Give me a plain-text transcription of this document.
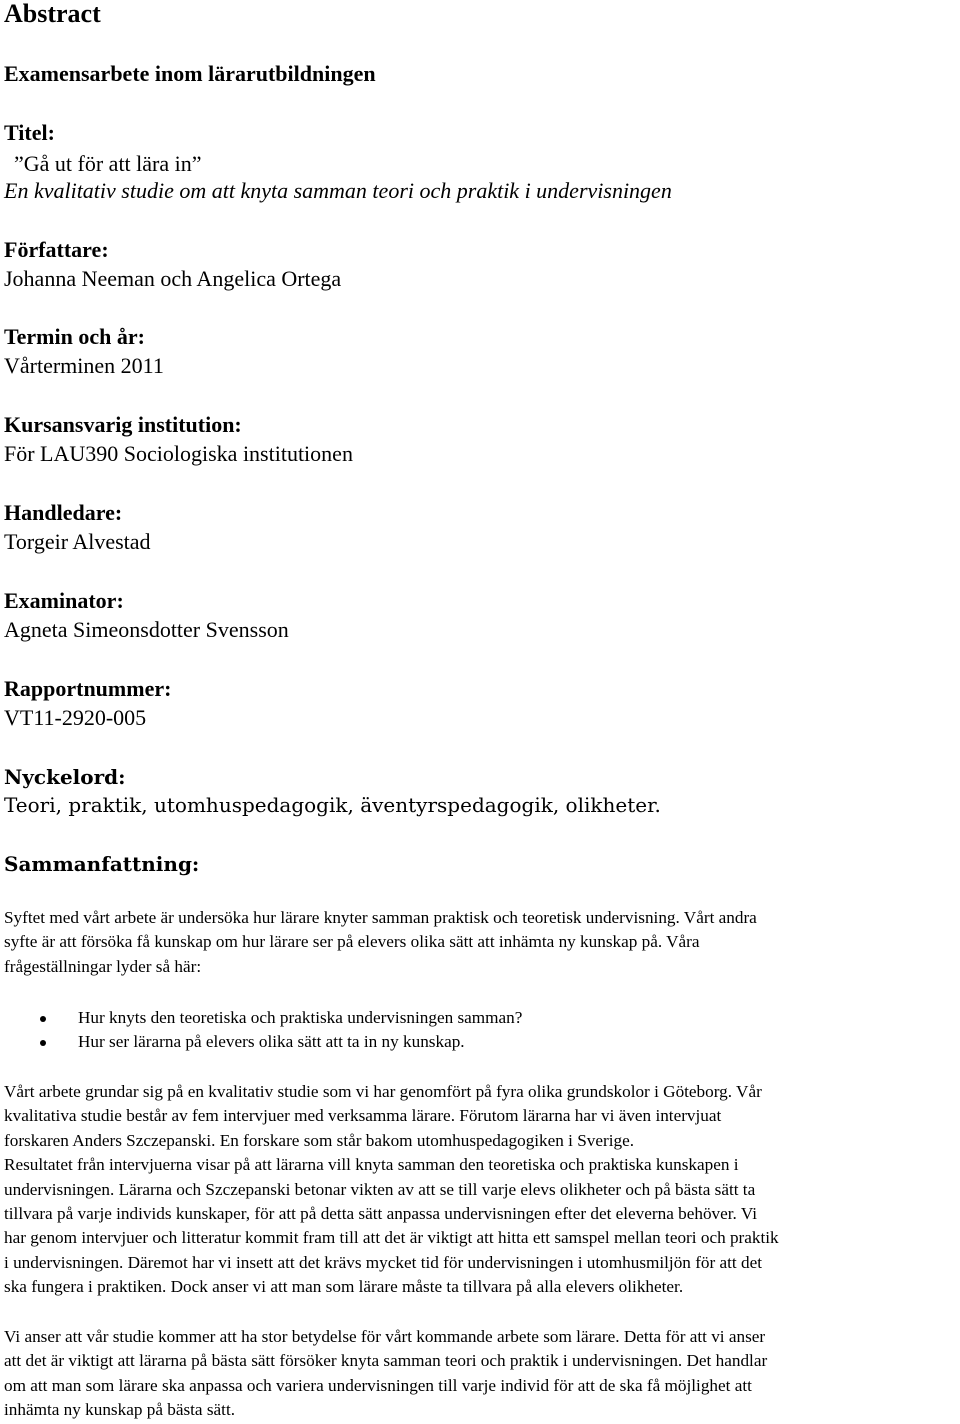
Abstract
Examensarbete inom lärarutbildningen

Titel:

”Gå ut för att lära in”

En kvalitativ studie om att knyta samman teori och praktik i undervisningen

Författare:

Johanna Neeman och Angelica Ortega

Termin och år:

Vårterminen 2011

Kursansvarig institution:

För LAU390 Sociologiska institutionen

Handledare:

Torgeir Alvestad

Examinator:

Agneta Simeonsdotter Svensson

Rapportnummer:

VT11-2920-005

Nyckelord:

Teori, praktik, utomhuspedagogik, äventyrspedagogik, olikheter.

Sammanfattning:

Syftet med vårt arbete är undersöka hur lärare knyter samman praktisk och teoretisk undervisning. Vårt andra
syfte är att försöka få kunskap om hur lärare ser på elevers olika sätt att inhämta ny kunskap på. Våra
frågeställningar lyder så här:
Hur knyts den teoretiska och praktiska undervisningen samman?
Hur ser lärarna på elevers olika sätt att ta in ny kunskap.
Vårt arbete grundar sig på en kvalitativ studie som vi har genomfört på fyra olika grundskolor i Göteborg. Vår
kvalitativa studie består av fem intervjuer med verksamma lärare. Förutom lärarna har vi även intervjuat
forskaren Anders Szczepanski. En forskare som står bakom utomhuspedagogiken i Sverige.
Resultatet från intervjuerna visar på att lärarna vill knyta samman den teoretiska och praktiska kunskapen i
undervisningen. Lärarna och Szczepanski betonar vikten av att se till varje elevs olikheter och på bästa sätt ta
tillvara på varje individs kunskaper, för att på detta sätt anpassa undervisningen efter det eleverna behöver. Vi
har genom intervjuer och litteratur kommit fram till att det är viktigt att hitta ett samspel mellan teori och praktik
i undervisningen. Däremot har vi insett att det krävs mycket tid för undervisningen i utomhusmiljön för att det
ska fungera i praktiken. Dock anser vi att man som lärare måste ta tillvara på alla elevers olikheter.
Vi anser att vår studie kommer att ha stor betydelse för vårt kommande arbete som lärare. Detta för att vi anser
att det är viktigt att lärarna på bästa sätt försöker knyta samman teori och praktik i undervisningen. Det handlar
om att man som lärare ska anpassa och variera undervisningen till varje individ för att de ska få möjlighet att
inhämta ny kunskap på bästa sätt.
